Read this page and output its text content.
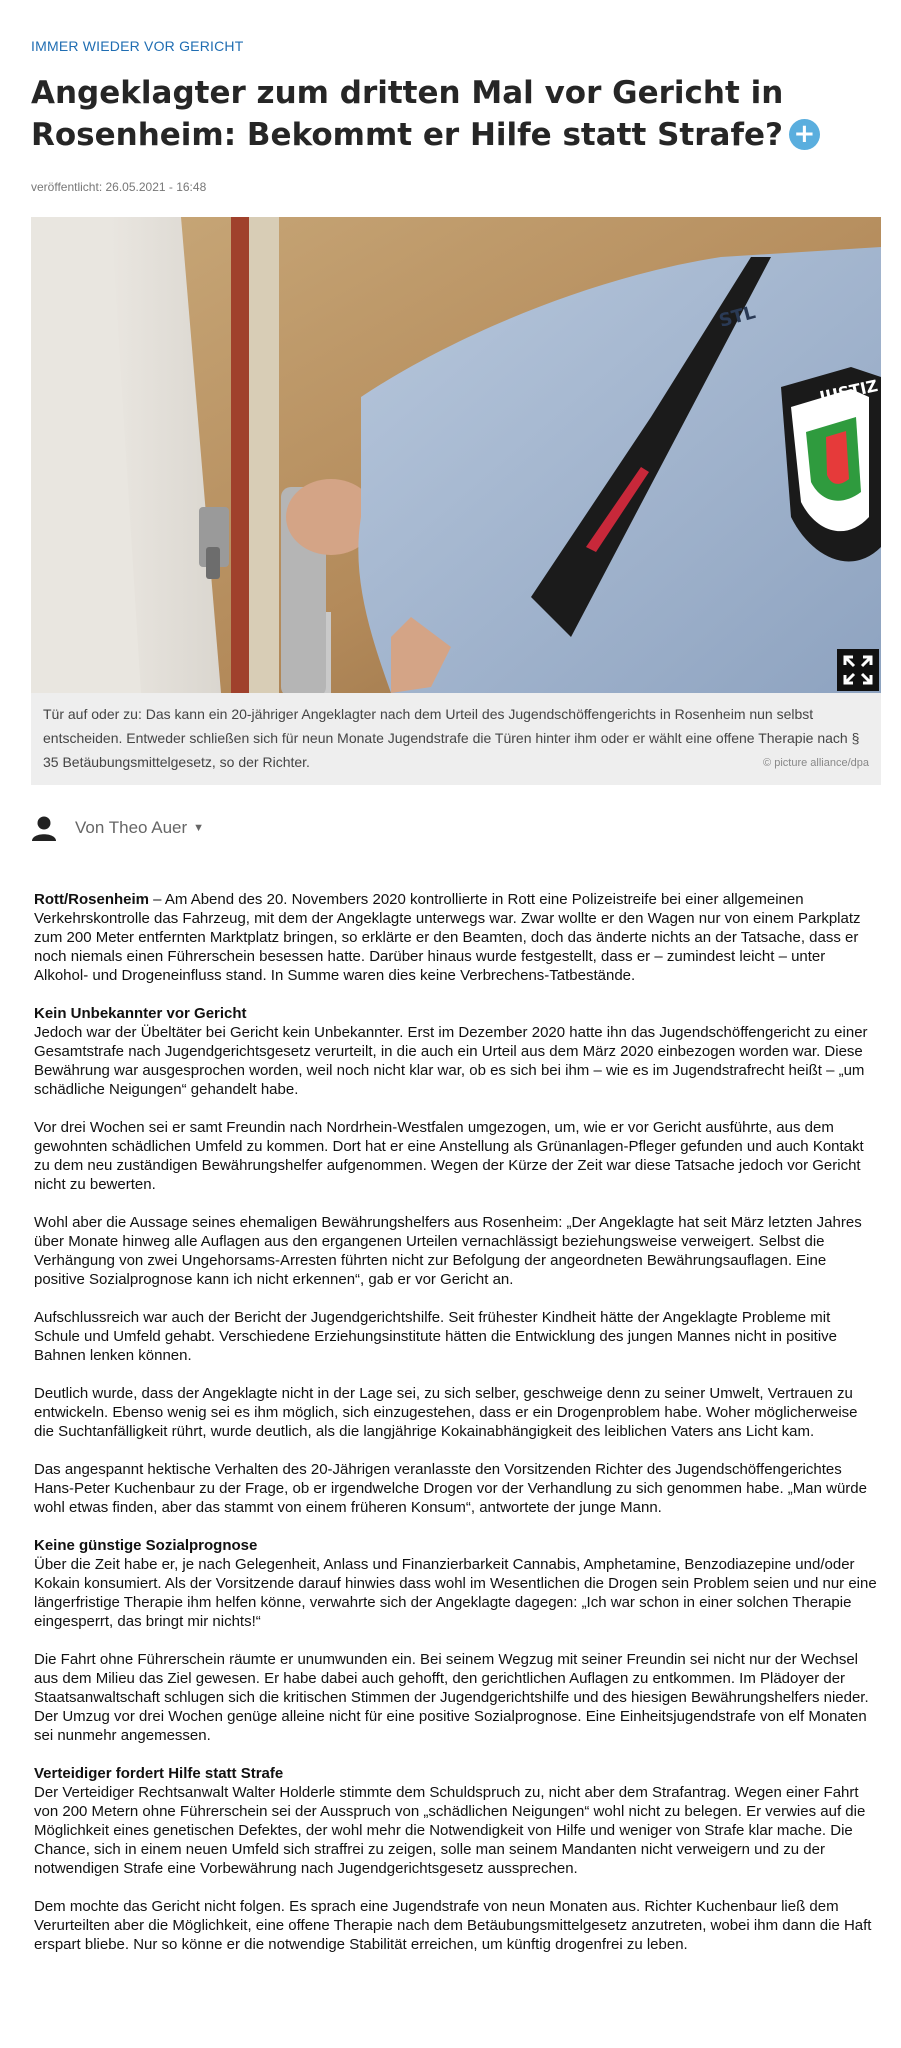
IMMER WIEDER VOR GERICHT
Angeklagter zum dritten Mal vor Gericht in Rosenheim: Bekommt er Hilfe statt Strafe? +
veröffentlicht: 26.05.2021 - 16:48
JUSTIZ
STL
Tür auf oder zu: Das kann ein 20-jähriger Angeklagter nach dem Urteil des Jugendschöffengerichts in Rosenheim nun selbst entscheiden. Entweder schließen sich für neun Monate Jugendstrafe die Türen hinter ihm oder er wählt eine offene Therapie nach § 35 Betäubungsmittelgesetz, so der Richter.	© picture alliance/dpa
Von Theo Auer ▼

Rott/Rosenheim – Am Abend des 20. Novembers 2020 kontrollierte in Rott eine Polizeistreife bei einer allgemeinen Verkehrskontrolle das Fahrzeug, mit dem der Angeklagte unterwegs war. Zwar wollte er den Wagen nur von einem Parkplatz zum 200 Meter entfernten Marktplatz bringen, so erklärte er den Beamten, doch das änderte nichts an der Tatsache, dass er noch niemals einen Führerschein besessen hatte. Darüber hinaus wurde festgestellt, dass er – zumindest leicht – unter Alkohol- und Drogeneinfluss stand. In Summe waren dies keine Verbrechens-Tatbestände.

Kein Unbekannter vor Gericht

Jedoch war der Übeltäter bei Gericht kein Unbekannter. Erst im Dezember 2020 hatte ihn das Jugendschöffengericht zu einer Gesamtstrafe nach Jugendgerichtsgesetz verurteilt, in die auch ein Urteil aus dem März 2020 einbezogen worden war. Diese Bewährung war ausgesprochen worden, weil noch nicht klar war, ob es sich bei ihm – wie es im Jugendstrafrecht heißt – „um schädliche Neigungen“ gehandelt habe.

Vor drei Wochen sei er samt Freundin nach Nordrhein-Westfalen umgezogen, um, wie er vor Gericht ausführte, aus dem gewohnten schädlichen Umfeld zu kommen. Dort hat er eine Anstellung als Grünanlagen-Pfleger gefunden und auch Kontakt zu dem neu zuständigen Bewährungshelfer aufgenommen. Wegen der Kürze der Zeit war diese Tatsache jedoch vor Gericht nicht zu bewerten.

Wohl aber die Aussage seines ehemaligen Bewährungshelfers aus Rosenheim: „Der Angeklagte hat seit März letzten Jahres über Monate hinweg alle Auflagen aus den ergangenen Urteilen vernachlässigt beziehungsweise verweigert. Selbst die Verhängung von zwei Ungehorsams-Arresten führten nicht zur Befolgung der angeordneten Bewährungsauflagen. Eine positive Sozialprognose kann ich nicht erkennen“, gab er vor Gericht an.

Aufschlussreich war auch der Bericht der Jugendgerichtshilfe. Seit frühester Kindheit hätte der Angeklagte Probleme mit Schule und Umfeld gehabt. Verschiedene Erziehungsinstitute hätten die Entwicklung des jungen Mannes nicht in positive Bahnen lenken können.

Deutlich wurde, dass der Angeklagte nicht in der Lage sei, zu sich selber, geschweige denn zu seiner Umwelt, Vertrauen zu entwickeln. Ebenso wenig sei es ihm möglich, sich einzugestehen, dass er ein Drogenproblem habe. Woher möglicherweise die Suchtanfälligkeit rührt, wurde deutlich, als die langjährige Kokainabhängigkeit des leiblichen Vaters ans Licht kam.

Das angespannt hektische Verhalten des 20-Jährigen veranlasste den Vorsitzenden Richter des Jugendschöffengerichtes Hans-Peter Kuchenbaur zu der Frage, ob er irgendwelche Drogen vor der Verhandlung zu sich genommen habe. „Man würde wohl etwas finden, aber das stammt von einem früheren Konsum“, antwortete der junge Mann.

Keine günstige Sozialprognose

Über die Zeit habe er, je nach Gelegenheit, Anlass und Finanzierbarkeit Cannabis, Amphetamine, Benzodiazepine und/oder Kokain konsumiert. Als der Vorsitzende darauf hinwies dass wohl im Wesentlichen die Drogen sein Problem seien und nur eine längerfristige Therapie ihm helfen könne, verwahrte sich der Angeklagte dagegen: „Ich war schon in einer solchen Therapie eingesperrt, das bringt mir nichts!“

Die Fahrt ohne Führerschein räumte er unumwunden ein. Bei seinem Wegzug mit seiner Freundin sei nicht nur der Wechsel aus dem Milieu das Ziel gewesen. Er habe dabei auch gehofft, den gerichtlichen Auflagen zu entkommen. Im Plädoyer der Staatsanwaltschaft schlugen sich die kritischen Stimmen der Jugendgerichtshilfe und des hiesigen Bewährungshelfers nieder. Der Umzug vor drei Wochen genüge alleine nicht für eine positive Sozialprognose. Eine Einheitsjugendstrafe von elf Monaten sei nunmehr angemessen.

Verteidiger fordert Hilfe statt Strafe

Der Verteidiger Rechtsanwalt Walter Holderle stimmte dem Schuldspruch zu, nicht aber dem Strafantrag. Wegen einer Fahrt von 200 Metern ohne Führerschein sei der Ausspruch von „schädlichen Neigungen“ wohl nicht zu belegen. Er verwies auf die Möglichkeit eines genetischen Defektes, der wohl mehr die Notwendigkeit von Hilfe und weniger von Strafe klar mache. Die Chance, sich in einem neuen Umfeld sich straffrei zu zeigen, solle man seinem Mandanten nicht verweigern und zu der notwendigen Strafe eine Vorbewährung nach Jugendgerichtsgesetz aussprechen.

Dem mochte das Gericht nicht folgen. Es sprach eine Jugendstrafe von neun Monaten aus. Richter Kuchenbaur ließ dem Verurteilten aber die Möglichkeit, eine offene Therapie nach dem Betäubungsmittelgesetz anzutreten, wobei ihm dann die Haft erspart bliebe. Nur so könne er die notwendige Stabilität erreichen, um künftig drogenfrei zu leben.
